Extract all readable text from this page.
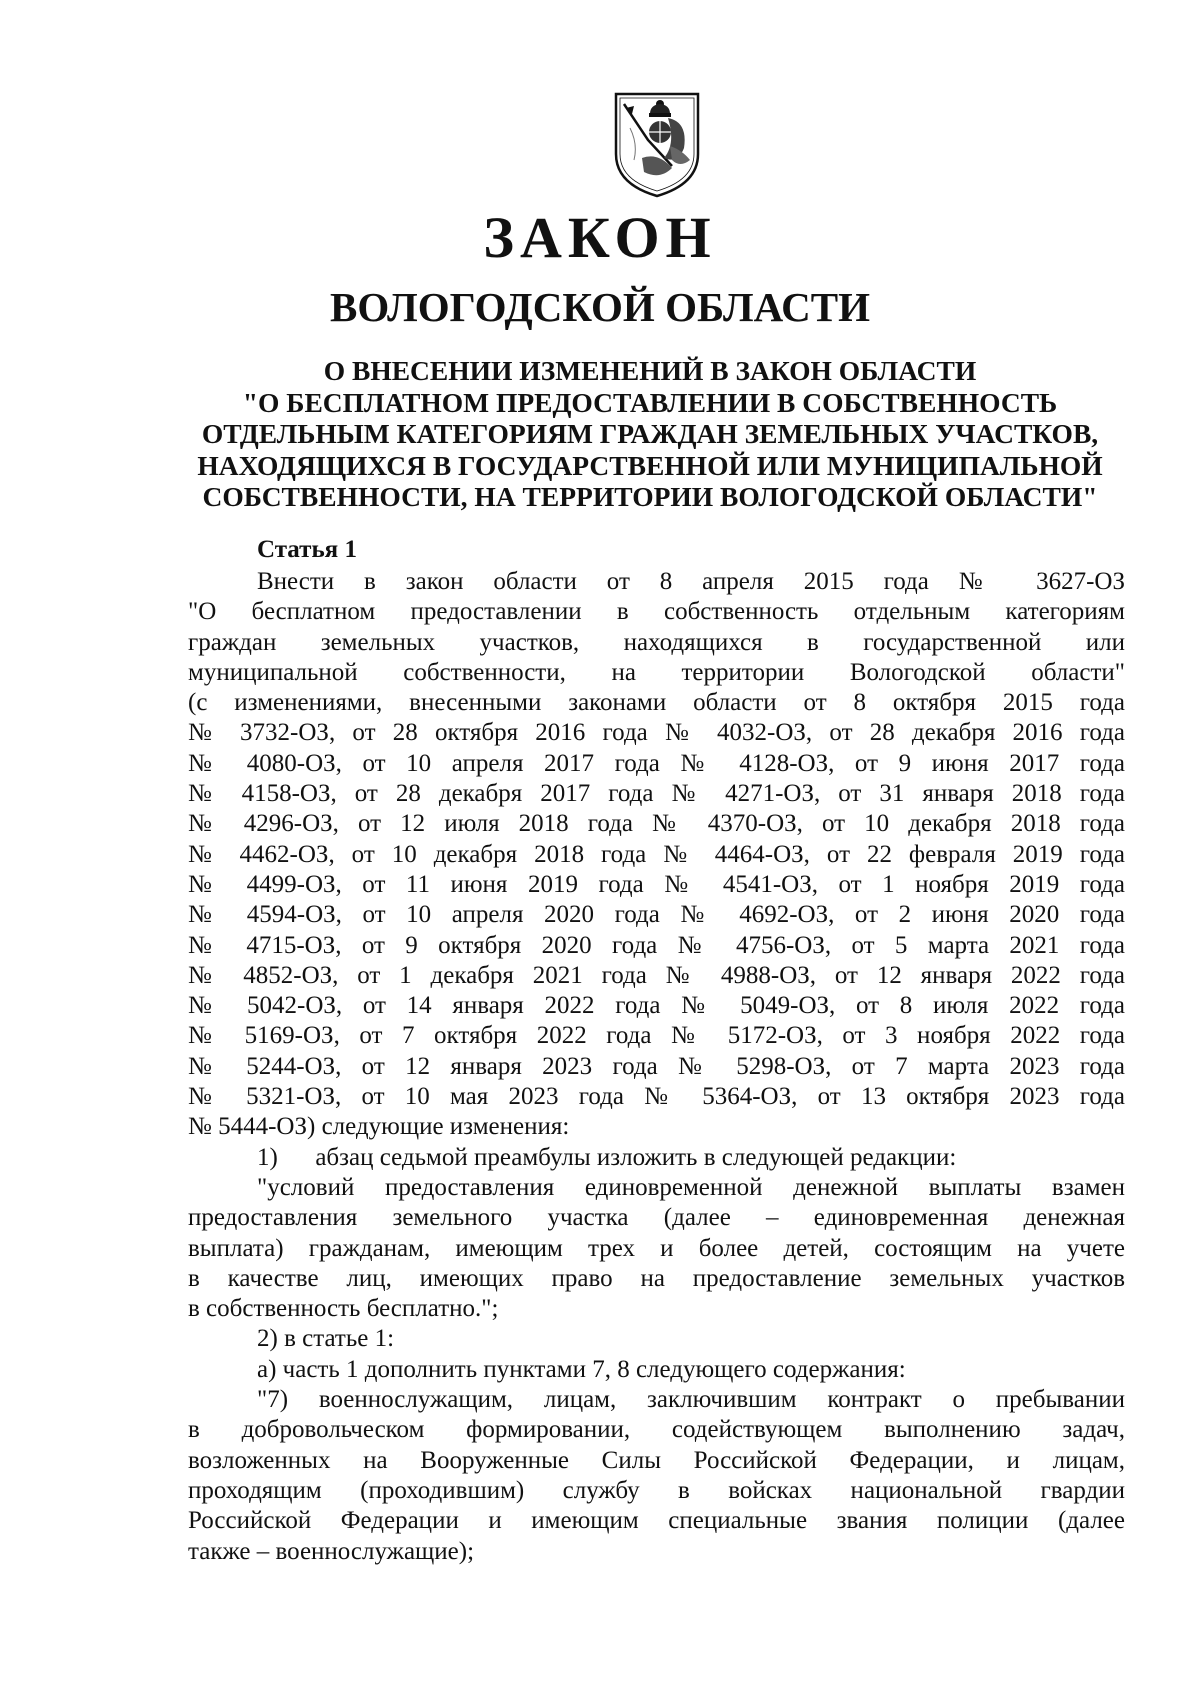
ЗАКОН
ВОЛОГОДСКОЙ ОБЛАСТИ
О ВНЕСЕНИИ ИЗМЕНЕНИЙ В ЗАКОН ОБЛАСТИ
"О БЕСПЛАТНОМ ПРЕДОСТАВЛЕНИИ В СОБСТВЕННОСТЬ
ОТДЕЛЬНЫМ КАТЕГОРИЯМ ГРАЖДАН ЗЕМЕЛЬНЫХ УЧАСТКОВ,
НАХОДЯЩИХСЯ В ГОСУДАРСТВЕННОЙ ИЛИ МУНИЦИПАЛЬНОЙ
СОБСТВЕННОСТИ, НА ТЕРРИТОРИИ ВОЛОГОДСКОЙ ОБЛАСТИ"
Статья 1
Внести в закон области от 8 апреля 2015 года № 3627-ОЗ
"О бесплатном предоставлении в собственность отдельным категориям
граждан земельных участков, находящихся в государственной или
муниципальной собственности, на территории Вологодской области"
(с изменениями, внесенными законами области от 8 октября 2015 года
№ 3732-ОЗ, от 28 октября 2016 года № 4032-ОЗ, от 28 декабря 2016 года
№ 4080-ОЗ, от 10 апреля 2017 года № 4128-ОЗ, от 9 июня 2017 года
№ 4158-ОЗ, от 28 декабря 2017 года № 4271-ОЗ, от 31 января 2018 года
№ 4296-ОЗ, от 12 июля 2018 года № 4370-ОЗ, от 10 декабря 2018 года
№ 4462-ОЗ, от 10 декабря 2018 года № 4464-ОЗ, от 22 февраля 2019 года
№ 4499-ОЗ, от 11 июня 2019 года № 4541-ОЗ, от 1 ноября 2019 года
№ 4594-ОЗ, от 10 апреля 2020 года № 4692-ОЗ, от 2 июня 2020 года
№ 4715-ОЗ, от 9 октября 2020 года № 4756-ОЗ, от 5 марта 2021 года
№ 4852-ОЗ, от 1 декабря 2021 года № 4988-ОЗ, от 12 января 2022 года
№ 5042-ОЗ, от 14 января 2022 года № 5049-ОЗ, от 8 июля 2022 года
№ 5169-ОЗ, от 7 октября 2022 года № 5172-ОЗ, от 3 ноября 2022 года
№ 5244-ОЗ, от 12 января 2023 года № 5298-ОЗ, от 7 марта 2023 года
№ 5321-ОЗ, от 10 мая 2023 года № 5364-ОЗ, от 13 октября 2023 года
№ 5444-ОЗ) следующие изменения:
1)      абзац седьмой преамбулы изложить в следующей редакции:
"условий предоставления единовременной денежной выплаты взамен
предоставления земельного участка (далее – единовременная денежная
выплата) гражданам, имеющим трех и более детей, состоящим на учете
в качестве лиц, имеющих право на предоставление земельных участков
в собственность бесплатно.";
2) в статье 1:
а) часть 1 дополнить пунктами 7, 8 следующего содержания:
"7) военнослужащим, лицам, заключившим контракт о пребывании
в добровольческом формировании, содействующем выполнению задач,
возложенных на Вооруженные Силы Российской Федерации, и лицам,
проходящим (проходившим) службу в войсках национальной гвардии
Российской Федерации и имеющим специальные звания полиции (далее
также – военнослужащие);
